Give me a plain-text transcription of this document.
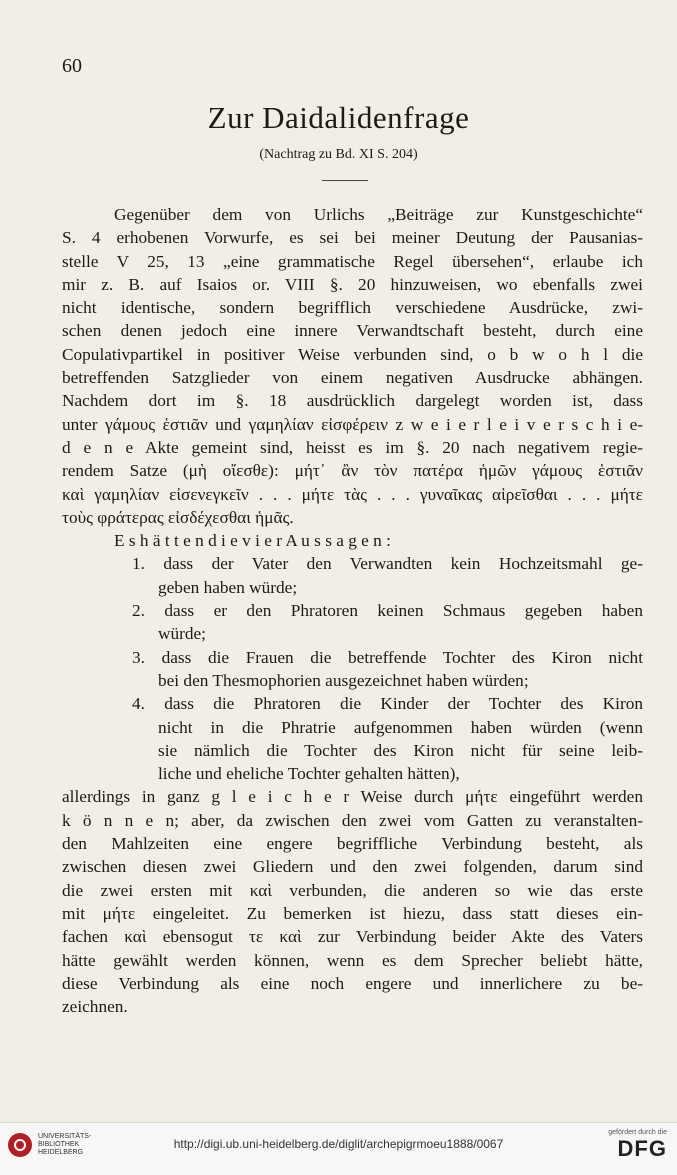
60
Zur Daidalidenfrage
(Nachtrag zu Bd. XI S. 204)
Gegenüber dem von Urlichs „Beiträge zur Kunstgeschichte“
S. 4 erhobenen Vorwurfe, es sei bei meiner Deutung der Pausanias-
stelle V 25, 13 „eine grammatische Regel übersehen“, erlaube ich
mir z. B. auf Isaios or. VIII §. 20 hinzuweisen, wo ebenfalls zwei
nicht identische, sondern begrifflich verschiedene Ausdrücke, zwi-
schen denen jedoch eine innere Verwandtschaft besteht, durch eine
Copulativpartikel in positiver Weise verbunden sind, o b w o h l die
betreffenden Satzglieder von einem negativen Ausdrucke abhängen.
Nachdem dort im §. 18 ausdrücklich dargelegt worden ist, dass
unter γάμους ἑστιᾶν und γαμηλίαν εἰσφέρειν z w e i e r l e i v e r s c h i e-
d e n e Akte gemeint sind, heisst es im §. 20 nach negativem regie-
rendem Satze (μὴ οἴεσθε): μήτ᾽ ἂν τὸν πατέρα ἡμῶν γάμους ἑστιᾶν
καὶ γαμηλίαν εἰσενεγκεῖν . . . μήτε τὰς . . . γυναῖκας αἱρεῖσθαι . . . μήτε
τοὺς φράτερας εἰσδέχεσθαι ἡμᾶς.
E s h ä t t e n d i e v i e r A u s s a g e n :
1. dass der Vater den Verwandten kein Hochzeitsmahl ge-
geben haben würde;
2. dass er den Phratoren keinen Schmaus gegeben haben
würde;
3. dass die Frauen die betreffende Tochter des Kiron nicht
bei den Thesmophorien ausgezeichnet haben würden;
4. dass die Phratoren die Kinder der Tochter des Kiron
nicht in die Phratrie aufgenommen haben würden (wenn
sie nämlich die Tochter des Kiron nicht für seine leib-
liche und eheliche Tochter gehalten hätten),
allerdings in ganz g l e i c h e r Weise durch μήτε eingeführt werden
k ö n n e n; aber, da zwischen den zwei vom Gatten zu veranstalten-
den Mahlzeiten eine engere begriffliche Verbindung besteht, als
zwischen diesen zwei Gliedern und den zwei folgenden, darum sind
die zwei ersten mit καὶ verbunden, die anderen so wie das erste
mit μήτε eingeleitet. Zu bemerken ist hiezu, dass statt dieses ein-
fachen καὶ ebensogut τε καὶ zur Verbindung beider Akte des Vaters
hätte gewählt werden können, wenn es dem Sprecher beliebt hätte,
diese Verbindung als eine noch engere und innerlichere zu be-
zeichnen.
UNIVERSITÄTS-
BIBLIOTHEK
HEIDELBERG
http://digi.ub.uni-heidelberg.de/diglit/archepigrmoeu1888/0067
gefördert durch die
DFG
